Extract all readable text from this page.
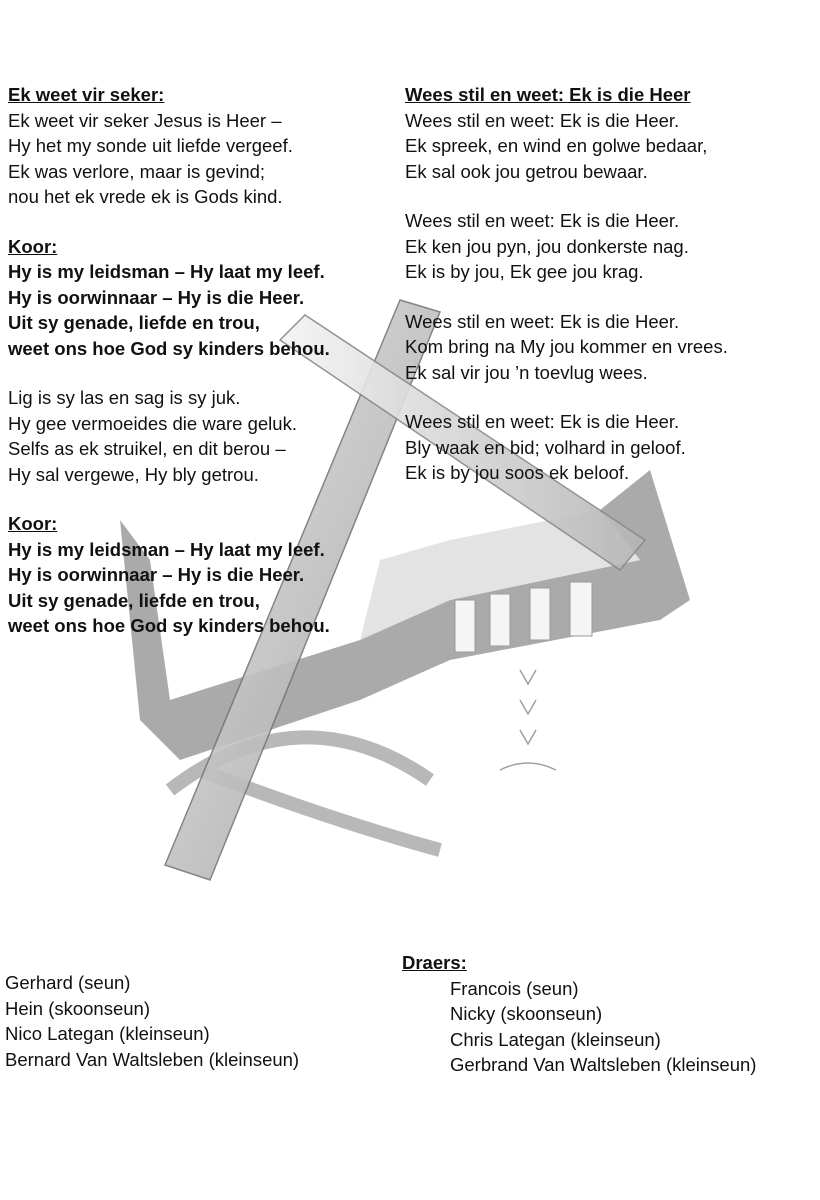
Ek weet vir seker:
Ek weet vir seker Jesus is Heer –
Hy het my sonde uit liefde vergeef.
Ek was verlore, maar is gevind;
nou het ek vrede ek is Gods kind.
Koor:
Hy is my leidsman – Hy laat my leef.
Hy is oorwinnaar – Hy is die Heer.
Uit sy genade, liefde en trou,
weet ons hoe God sy kinders behou.
Lig is sy las en sag is sy juk.
Hy gee vermoeides die ware geluk.
Selfs as ek struikel, en dit berou –
Hy sal vergewe, Hy bly getrou.
Koor:
Hy is my leidsman – Hy laat my leef.
Hy is oorwinnaar – Hy is die Heer.
Uit sy genade, liefde en trou,
weet ons hoe God sy kinders behou.
Wees stil en weet: Ek is die Heer
Wees stil en weet: Ek is die Heer.
Ek spreek, en wind en golwe bedaar,
Ek sal ook jou getrou bewaar.
Wees stil en weet: Ek is die Heer.
Ek ken jou pyn, jou donkerste nag.
Ek is by jou, Ek gee jou krag.
Wees stil en weet: Ek is die Heer.
Kom bring na My jou kommer en vrees.
Ek sal vir jou ’n toevlug wees.
Wees stil en weet: Ek is die Heer.
Bly waak en bid; volhard in geloof.
Ek is by jou soos ek beloof.
Gerhard (seun)
Hein (skoonseun)
Nico Lategan (kleinseun)
Bernard Van Waltsleben (kleinseun)
Draers:
Francois (seun)
Nicky (skoonseun)
Chris Lategan (kleinseun)
Gerbrand Van Waltsleben (kleinseun)
